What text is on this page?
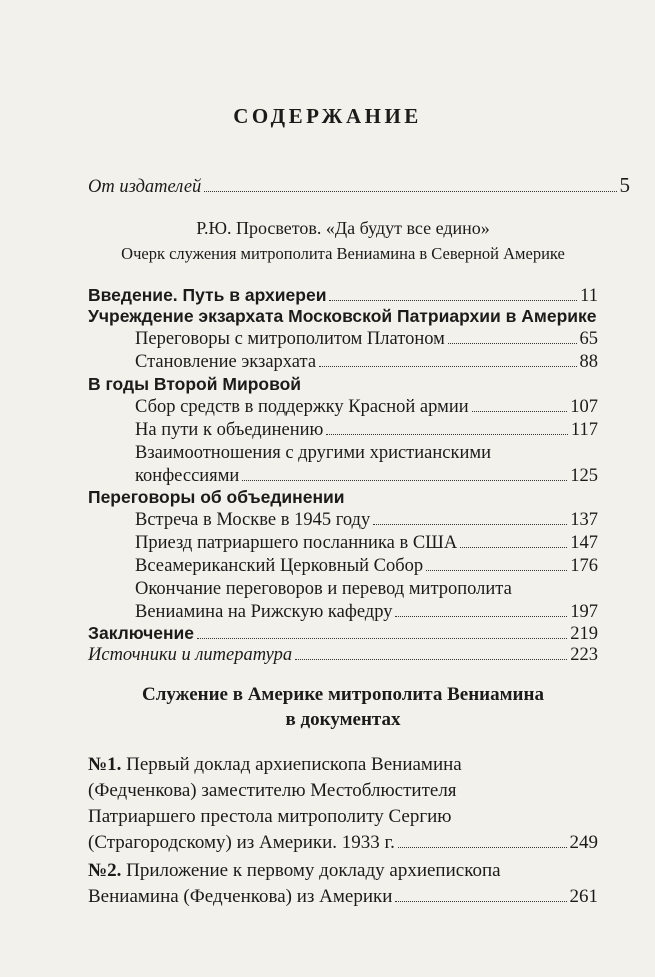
СОДЕРЖАНИЕ
От издателей	5
Р.Ю. Просветов. «Да будут все едино»
Очерк служения митрополита Вениамина в Северной Америке
Введение. Путь в архиереи	11
Учреждение экзархата Московской Патриархии в Америке
Переговоры с митрополитом Платоном	65
Становление экзархата	88
В годы Второй Мировой
Сбор средств в поддержку Красной армии	107
На пути к объединению	117
Взаимоотношения с другими христианскими
конфессиями	125
Переговоры об объединении
Встреча в Москве в 1945 году	137
Приезд патриаршего посланника в США	147
Всеамериканский Церковный Собор	176
Окончание переговоров и перевод митрополита
Вениамина на Рижскую кафедру	197
Заключение	219
Источники и литература	223
Служение в Америке митрополита Вениамина
в документах
№1. Первый доклад архиепископа Вениамина
(Федченкова) заместителю Местоблюстителя
Патриаршего престола митрополиту Сергию
(Страгородскому) из Америки. 1933 г.	249
№2. Приложение к первому докладу архиепископа
Вениамина (Федченкова) из Америки	261
